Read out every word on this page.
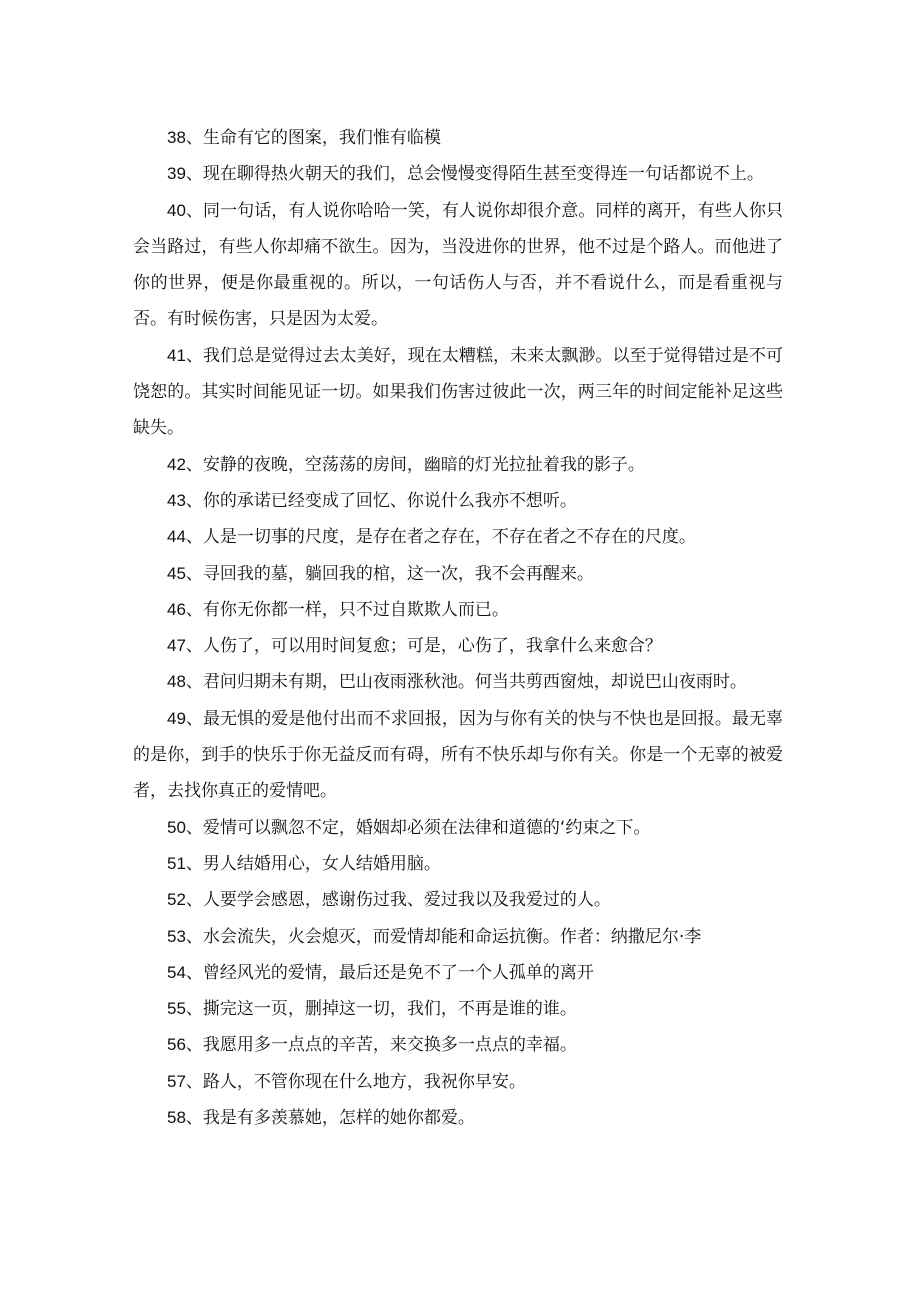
38、生命有它的图案，我们惟有临模

39、现在聊得热火朝天的我们，总会慢慢变得陌生甚至变得连一句话都说不上。

40、同一句话，有人说你哈哈一笑，有人说你却很介意。同样的离开，有些人你只会当路过，有些人你却痛不欲生。因为，当没进你的世界，他不过是个路人。而他进了你的世界，便是你最重视的。所以，一句话伤人与否，并不看说什么，而是看重视与否。有时候伤害，只是因为太爱。

41、我们总是觉得过去太美好，现在太糟糕，未来太飘渺。以至于觉得错过是不可饶恕的。其实时间能见证一切。如果我们伤害过彼此一次，两三年的时间定能补足这些缺失。

42、安静的夜晚，空荡荡的房间，幽暗的灯光拉扯着我的影子。

43、你的承诺已经变成了回忆、你说什么我亦不想听。

44、人是一切事的尺度，是存在者之存在，不存在者之不存在的尺度。

45、寻回我的墓，躺回我的棺，这一次，我不会再醒来。

46、有你无你都一样，只不过自欺欺人而已。

47、人伤了，可以用时间复愈；可是，心伤了，我拿什么来愈合？

48、君问归期未有期，巴山夜雨涨秋池。何当共剪西窗烛，却说巴山夜雨时。

49、最无惧的爱是他付出而不求回报，因为与你有关的快与不快也是回报。最无辜的是你，到手的快乐于你无益反而有碍，所有不快乐却与你有关。你是一个无辜的被爱者，去找你真正的爱情吧。

50、爱情可以飘忽不定，婚姻却必须在法律和道德的‘约束之下。

51、男人结婚用心，女人结婚用脑。

52、人要学会感恩，感谢伤过我、爱过我以及我爱过的人。

53、水会流失，火会熄灭，而爱情却能和命运抗衡。作者：纳撒尼尔·李

54、曾经风光的爱情，最后还是免不了一个人孤单的离开

55、撕完这一页，删掉这一切，我们，不再是谁的谁。

56、我愿用多一点点的辛苦，来交换多一点点的幸福。

57、路人，不管你现在什么地方，我祝你早安。

58、我是有多羡慕她，怎样的她你都爱。
